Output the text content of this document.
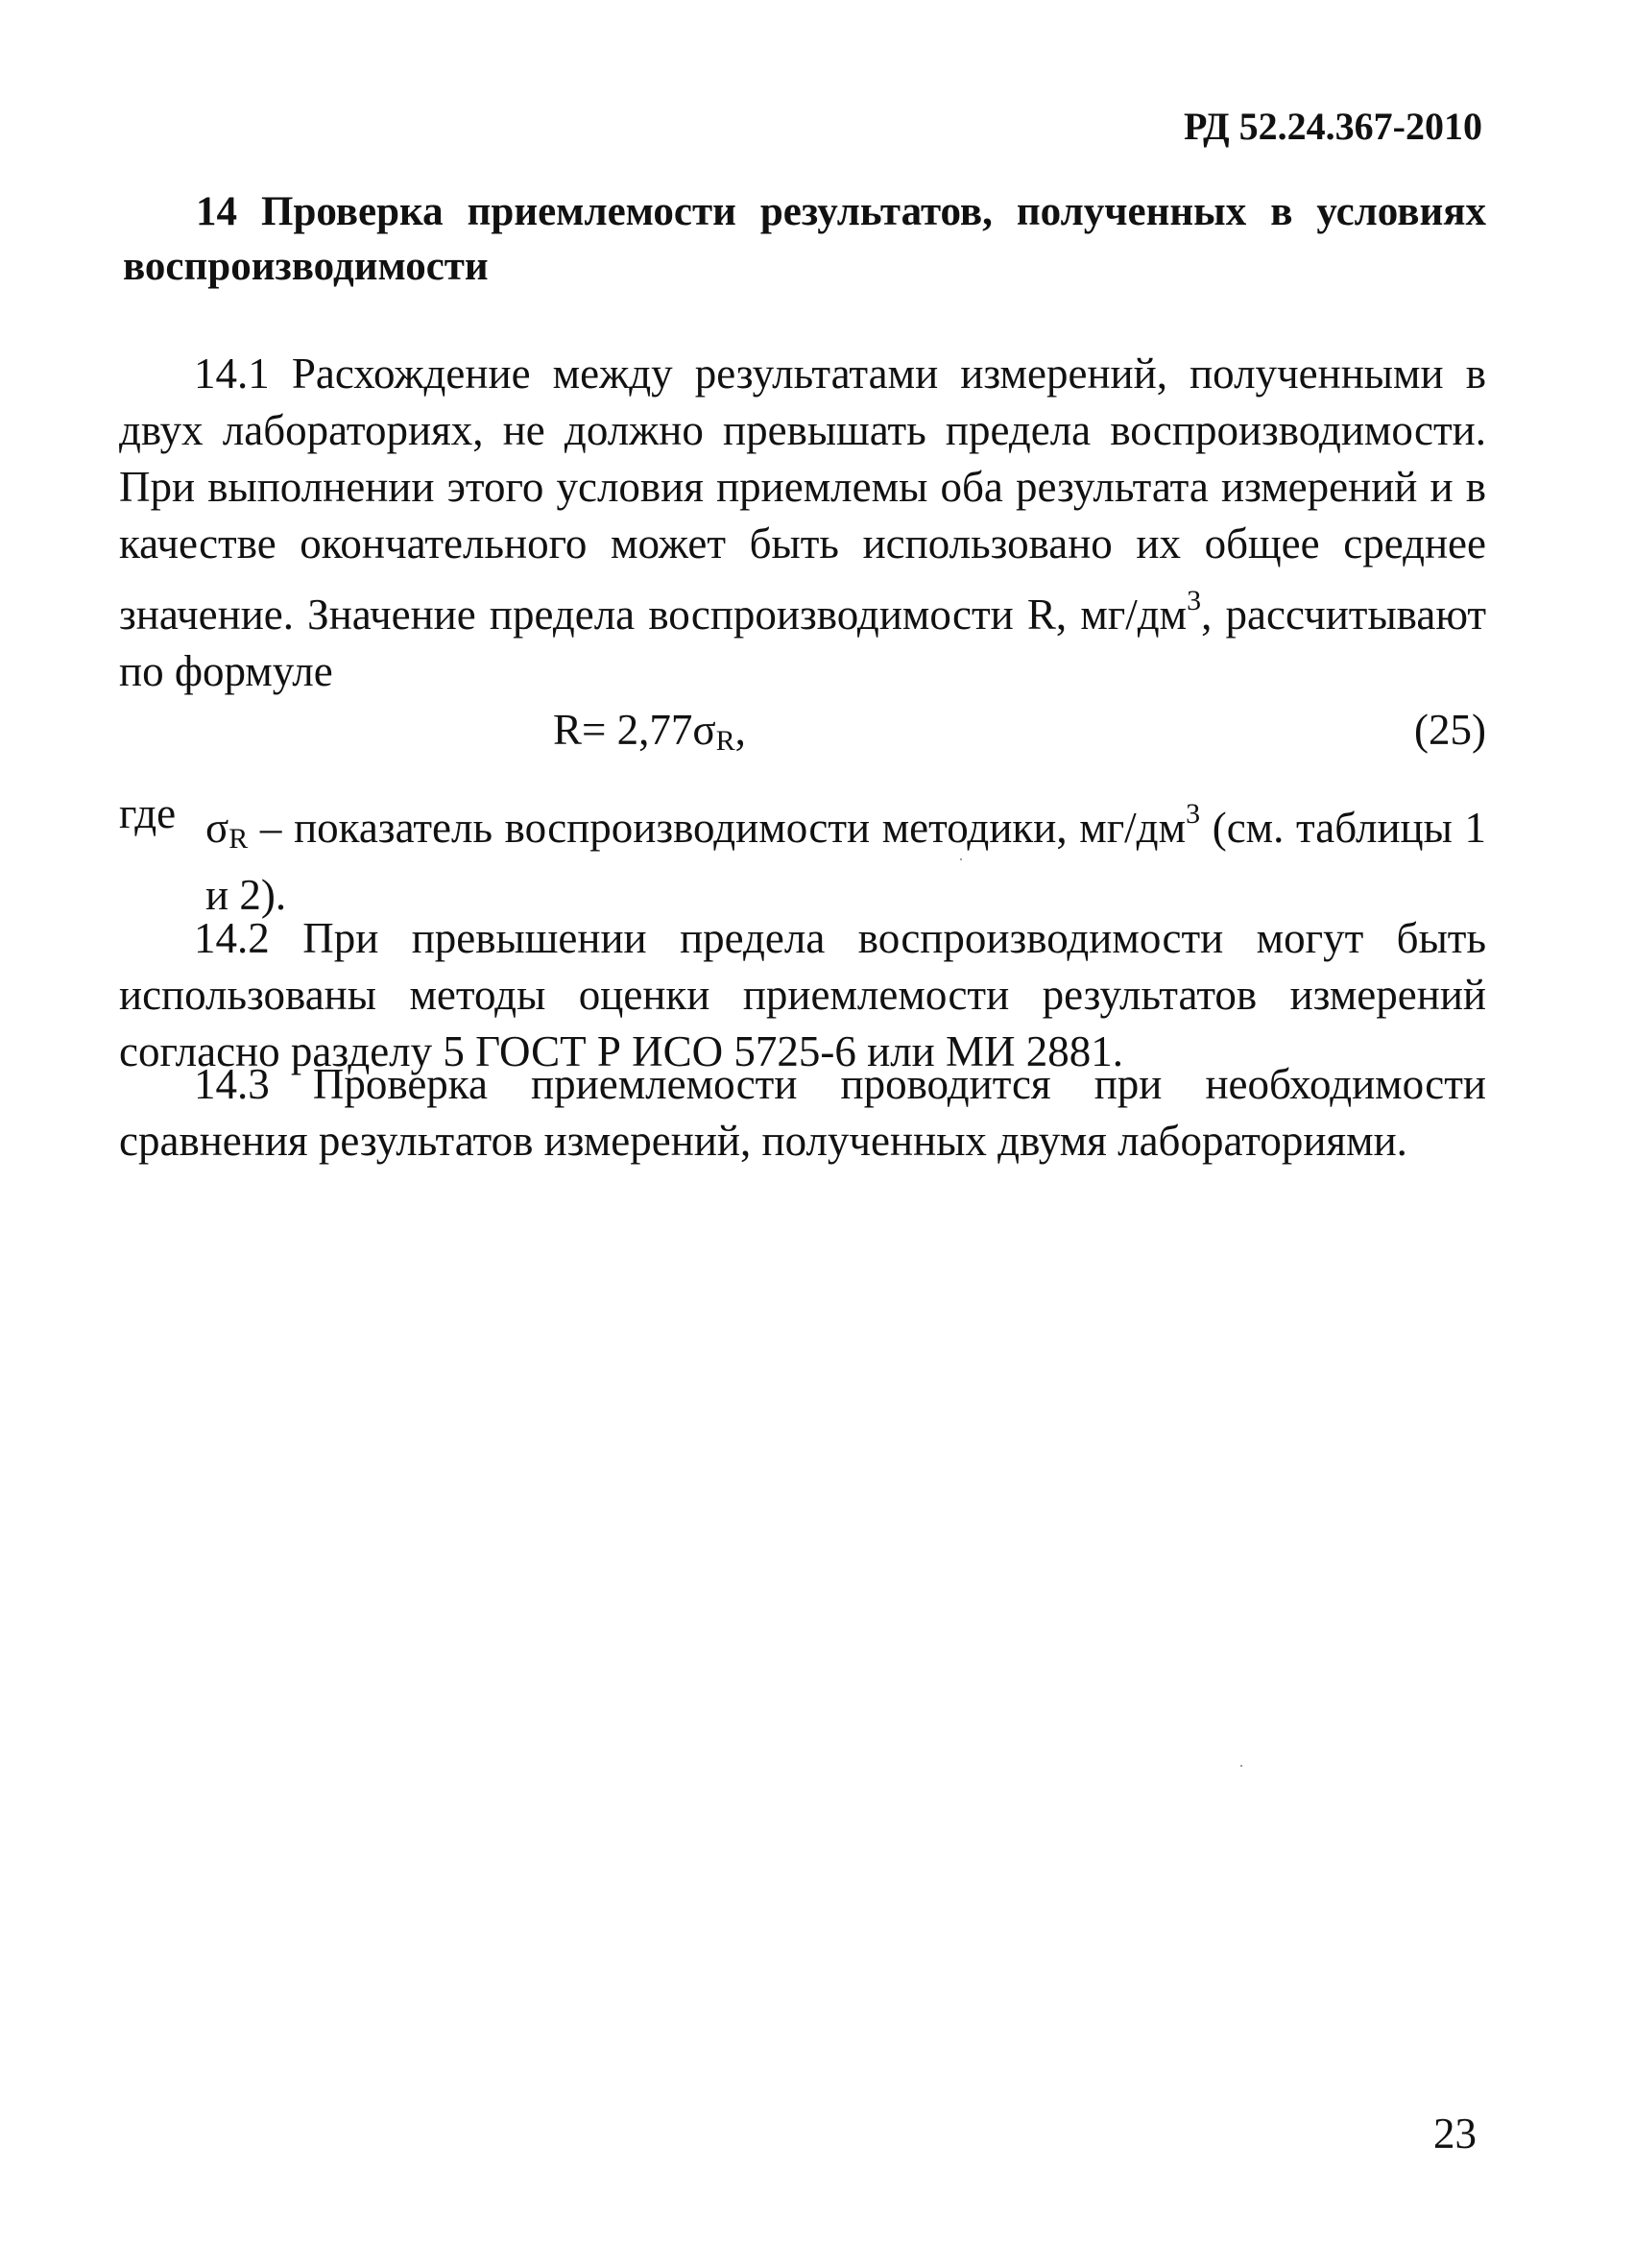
РД 52.24.367-2010
14 Проверка приемлемости результатов, полученных в условиях воспроизводимости

14.1 Расхождение между результатами измерений, полученными в двух лабораториях, не должно превышать предела воспроизводимости. При выполнении этого условия приемлемы оба результата измерений и в качестве окончательного может быть использовано их общее среднее значение. Значение предела воспроизводимости R, $мг/дм^3$, рассчитывают по формуле

$R= 2,77\sigma_R$,	(25)
где $\sigma_R$ – показатель воспроизводимости методики, $мг/дм^3$ (см. таблицы 1 и 2).

14.2 При превышении предела воспроизводимости могут быть использованы методы оценки приемлемости результатов измерений согласно разделу 5 ГОСТ Р ИСО 5725-6 или МИ 2881.

14.3 Проверка приемлемости проводится при необходимости сравнения результатов измерений, полученных двумя лабораториями.

23
